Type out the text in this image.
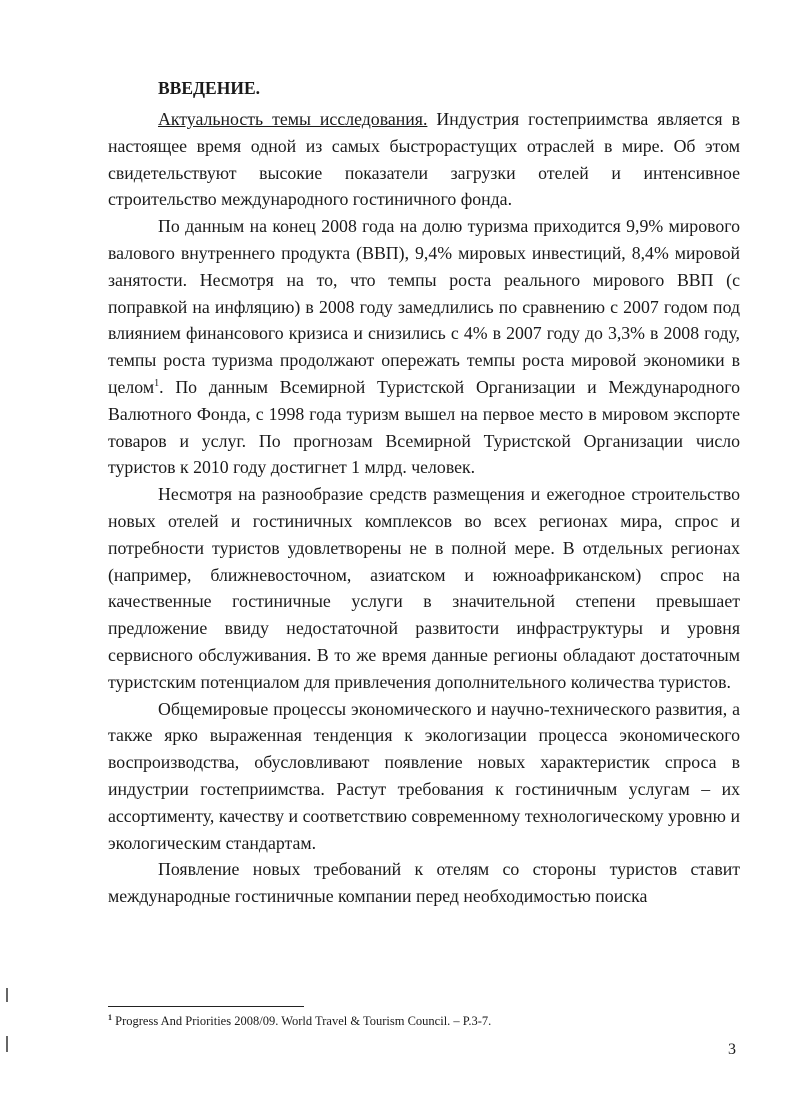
ВВЕДЕНИЕ.

Актуальность темы исследования. Индустрия гостеприимства является в настоящее время одной из самых быстрорастущих отраслей в мире. Об этом свидетельствуют высокие показатели загрузки отелей и интенсивное строительство международного гостиничного фонда.

По данным на конец 2008 года на долю туризма приходится 9,9% мирового валового внутреннего продукта (ВВП), 9,4% мировых инвестиций, 8,4% мировой занятости. Несмотря на то, что темпы роста реального мирового ВВП (с поправкой на инфляцию) в 2008 году замедлились по сравнению с 2007 годом под влиянием финансового кризиса и снизились с 4% в 2007 году до 3,3% в 2008 году, темпы роста туризма продолжают опережать темпы роста мировой экономики в целом$^1$. По данным Всемирной Туристской Организации и Международного Валютного Фонда, с 1998 года туризм вышел на первое место в мировом экспорте товаров и услуг. По прогнозам Всемирной Туристской Организации число туристов к 2010 году достигнет 1 млрд. человек.

Несмотря на разнообразие средств размещения и ежегодное строительство новых отелей и гостиничных комплексов во всех регионах мира, спрос и потребности туристов удовлетворены не в полной мере. В отдельных регионах (например, ближневосточном, азиатском и южноафриканском) спрос на качественные гостиничные услуги в значительной степени превышает предложение ввиду недостаточной развитости инфраструктуры и уровня сервисного обслуживания. В то же время данные регионы обладают достаточным туристским потенциалом для привлечения дополнительного количества туристов.

Общемировые процессы экономического и научно-технического развития, а также ярко выраженная тенденция к экологизации процесса экономического воспроизводства, обусловливают появление новых характеристик спроса в индустрии гостеприимства. Растут требования к гостиничным услугам – их ассортименту, качеству и соответствию современному технологическому уровню и экологическим стандартам.

Появление новых требований к отелям со стороны туристов ставит международные гостиничные компании перед необходимостью поиска

$^1$ Progress And Priorities 2008/09. World Travel & Tourism Council. – P.3-7.
3
